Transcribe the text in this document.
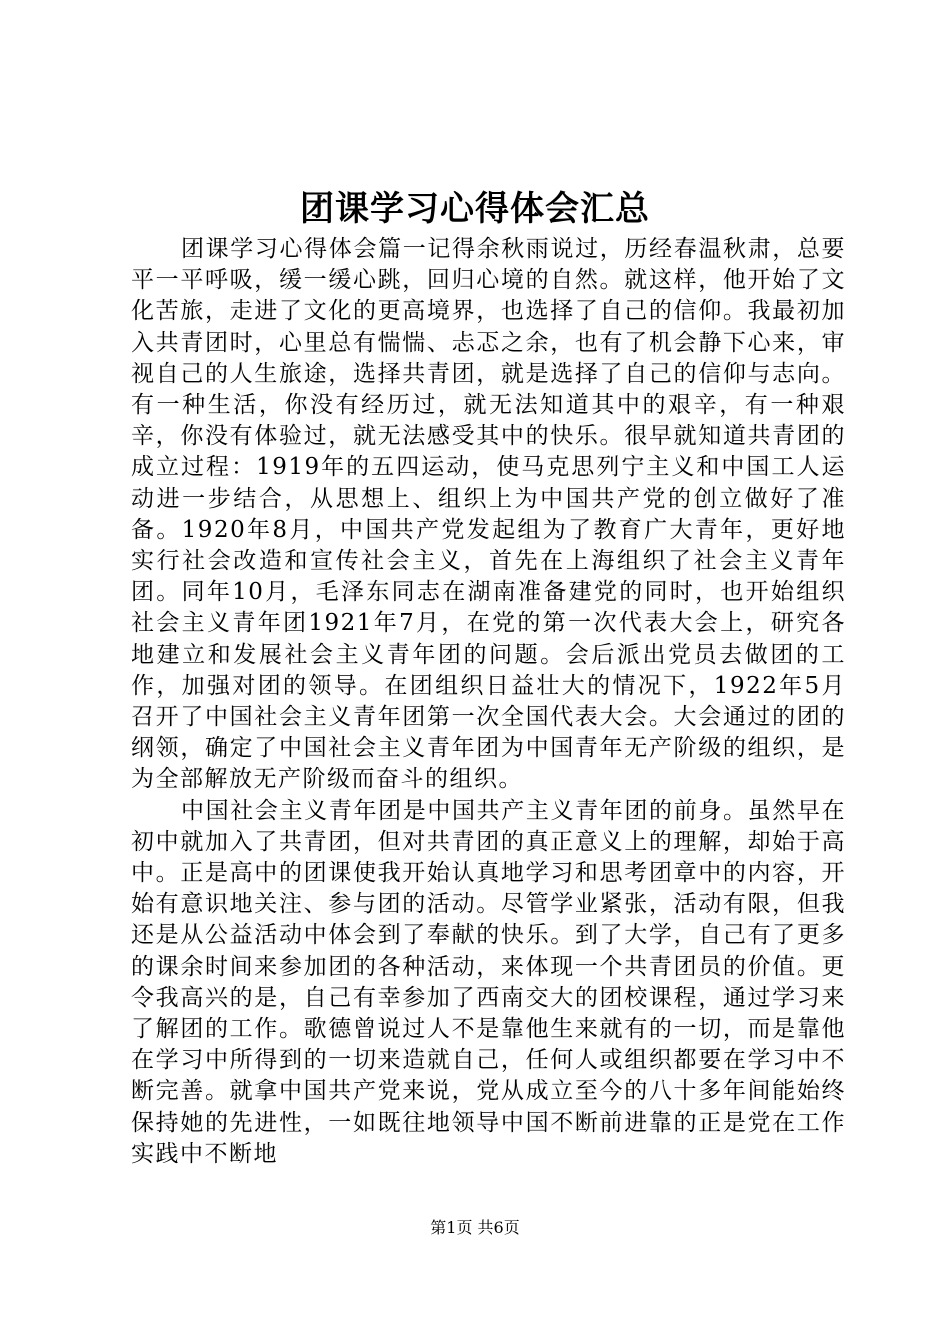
团课学习心得体会汇总

团课学习心得体会篇一记得余秋雨说过，历经春温秋肃，总要平一平呼吸，缓一缓心跳，回归心境的自然。就这样，他开始了文化苦旅，走进了文化的更高境界，也选择了自己的信仰。我最初加入共青团时，心里总有惴惴、忐忑之余，也有了机会静下心来，审视自己的人生旅途，选择共青团，就是选择了自己的信仰与志向。有一种生活，你没有经历过，就无法知道其中的艰辛，有一种艰辛，你没有体验过，就无法感受其中的快乐。很早就知道共青团的成立过程：1919年的五四运动，使马克思列宁主义和中国工人运动进一步结合，从思想上、组织上为中国共产党的创立做好了准备。1920年8月，中国共产党发起组为了教育广大青年，更好地实行社会改造和宣传社会主义，首先在上海组织了社会主义青年团。同年10月，毛泽东同志在湖南准备建党的同时，也开始组织社会主义青年团1921年7月，在党的第一次代表大会上，研究各地建立和发展社会主义青年团的问题。会后派出党员去做团的工作，加强对团的领导。在团组织日益壮大的情况下，1922年5月召开了中国社会主义青年团第一次全国代表大会。大会通过的团的纲领，确定了中国社会主义青年团为中国青年无产阶级的组织，是为全部解放无产阶级而奋斗的组织。

中国社会主义青年团是中国共产主义青年团的前身。虽然早在初中就加入了共青团，但对共青团的真正意义上的理解，却始于高中。正是高中的团课使我开始认真地学习和思考团章中的内容，开始有意识地关注、参与团的活动。尽管学业紧张，活动有限，但我还是从公益活动中体会到了奉献的快乐。到了大学，自己有了更多的课余时间来参加团的各种活动，来体现一个共青团员的价值。更令我高兴的是，自己有幸参加了西南交大的团校课程，通过学习来了解团的工作。歌德曾说过人不是靠他生来就有的一切，而是靠他在学习中所得到的一切来造就自己，任何人或组织都要在学习中不断完善。就拿中国共产党来说，党从成立至今的八十多年间能始终保持她的先进性，一如既往地领导中国不断前进靠的正是党在工作实践中不断地

第1页 共6页
